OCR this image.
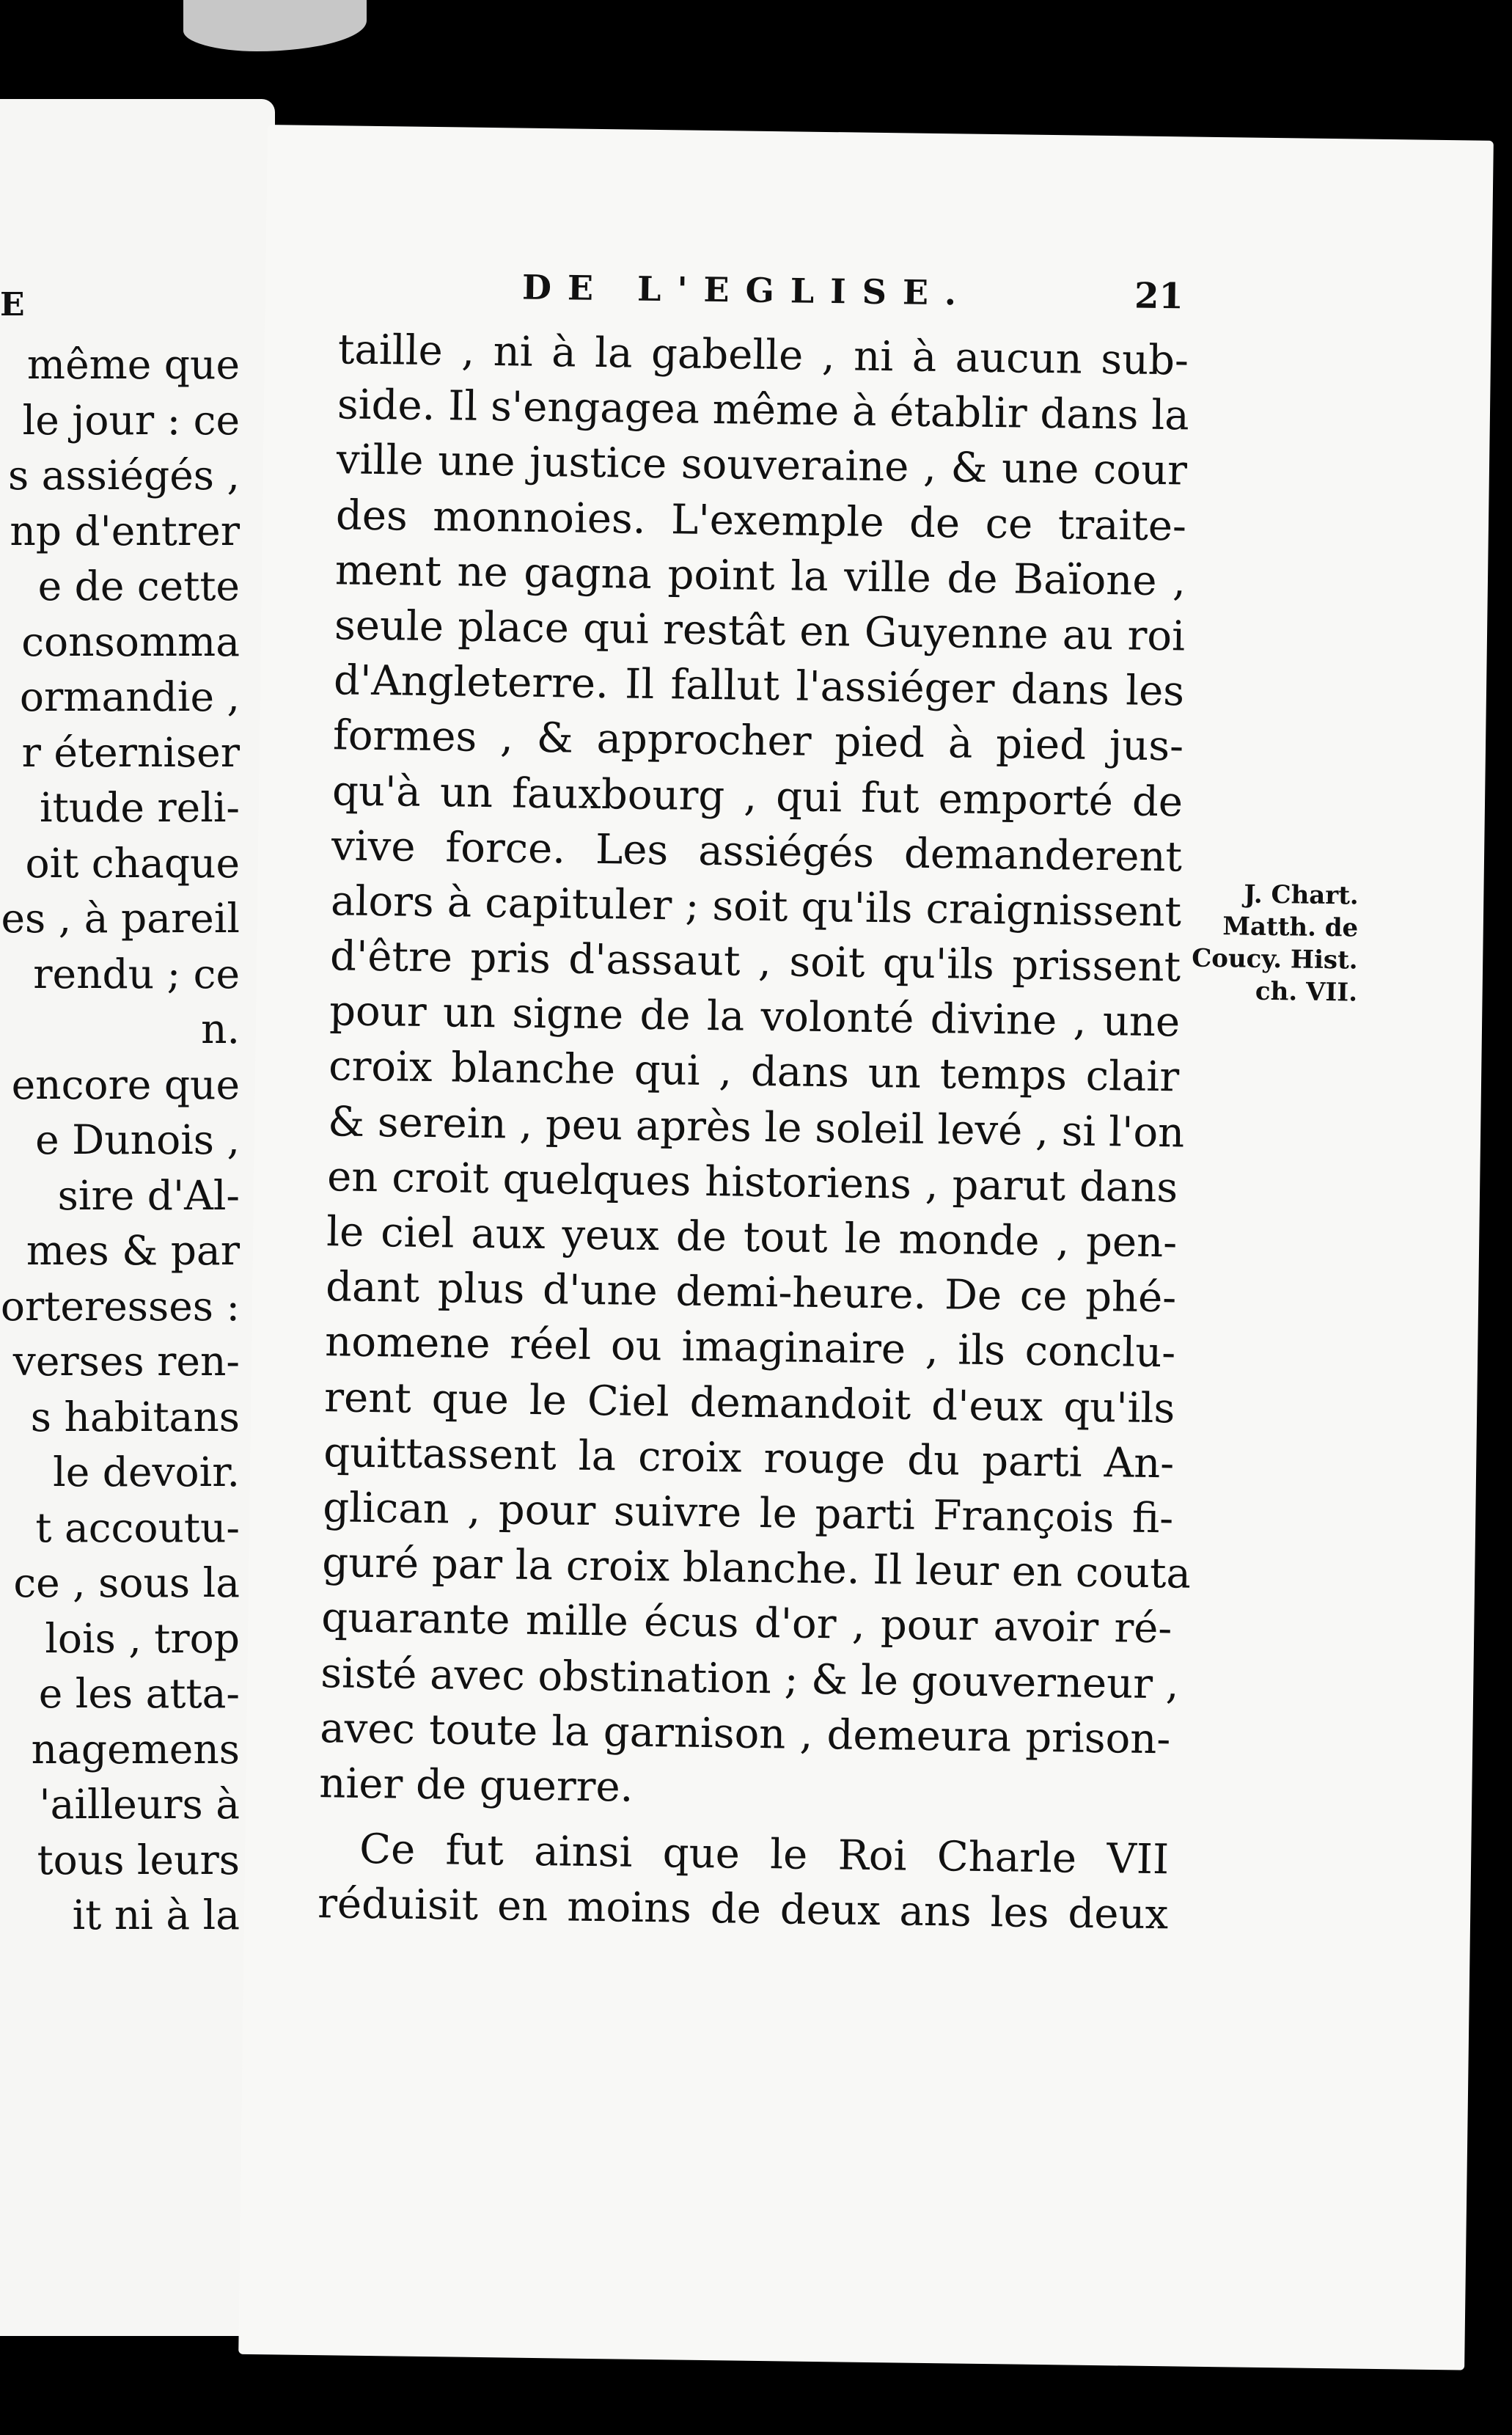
E
même que
le jour : ce
s assiégés ,
np d'entrer
e de cette
consomma
ormandie ,
r éterniser
itude reli-
oit chaque
es , à pareil
rendu ; ce
n.
encore que
e Dunois ,
sire d'Al-
mes & par
orteresses :
verses ren-
s habitans
le devoir.
t accoutu-
ce , sous la
lois , trop
e les atta-
nagemens
'ailleurs à
tous leurs
it ni à la
DE L'EGLISE.	21
taille , ni à la gabelle , ni à aucun sub-
side. Il s'engagea même à établir dans la
ville une justice souveraine , & une cour
des monnoies. L'exemple de ce traite-
ment ne gagna point la ville de Baïone ,
seule place qui restât en Guyenne au roi
d'Angleterre. Il fallut l'assiéger dans les
formes , & approcher pied à pied jus-
qu'à un fauxbourg , qui fut emporté de
vive force. Les assiégés demanderent
alors à capituler ; soit qu'ils craignissent
d'être pris d'assaut , soit qu'ils prissent
pour un signe de la volonté divine , une
croix blanche qui , dans un temps clair
& serein , peu après le soleil levé , si l'on
en croit quelques historiens , parut dans
le ciel aux yeux de tout le monde , pen-
dant plus d'une demi-heure. De ce phé-
nomene réel ou imaginaire , ils conclu-
rent que le Ciel demandoit d'eux qu'ils
quittassent la croix rouge du parti An-
glican , pour suivre le parti François fi-
guré par la croix blanche. Il leur en couta
quarante mille écus d'or , pour avoir ré-
sisté avec obstination ; & le gouverneur ,
avec toute la garnison , demeura prison-
nier de guerre.
Ce fut ainsi que le Roi Charle VII
réduisit en moins de deux ans les deux
J. Chart.
Matth. de
Coucy. Hist.
ch. VII.
